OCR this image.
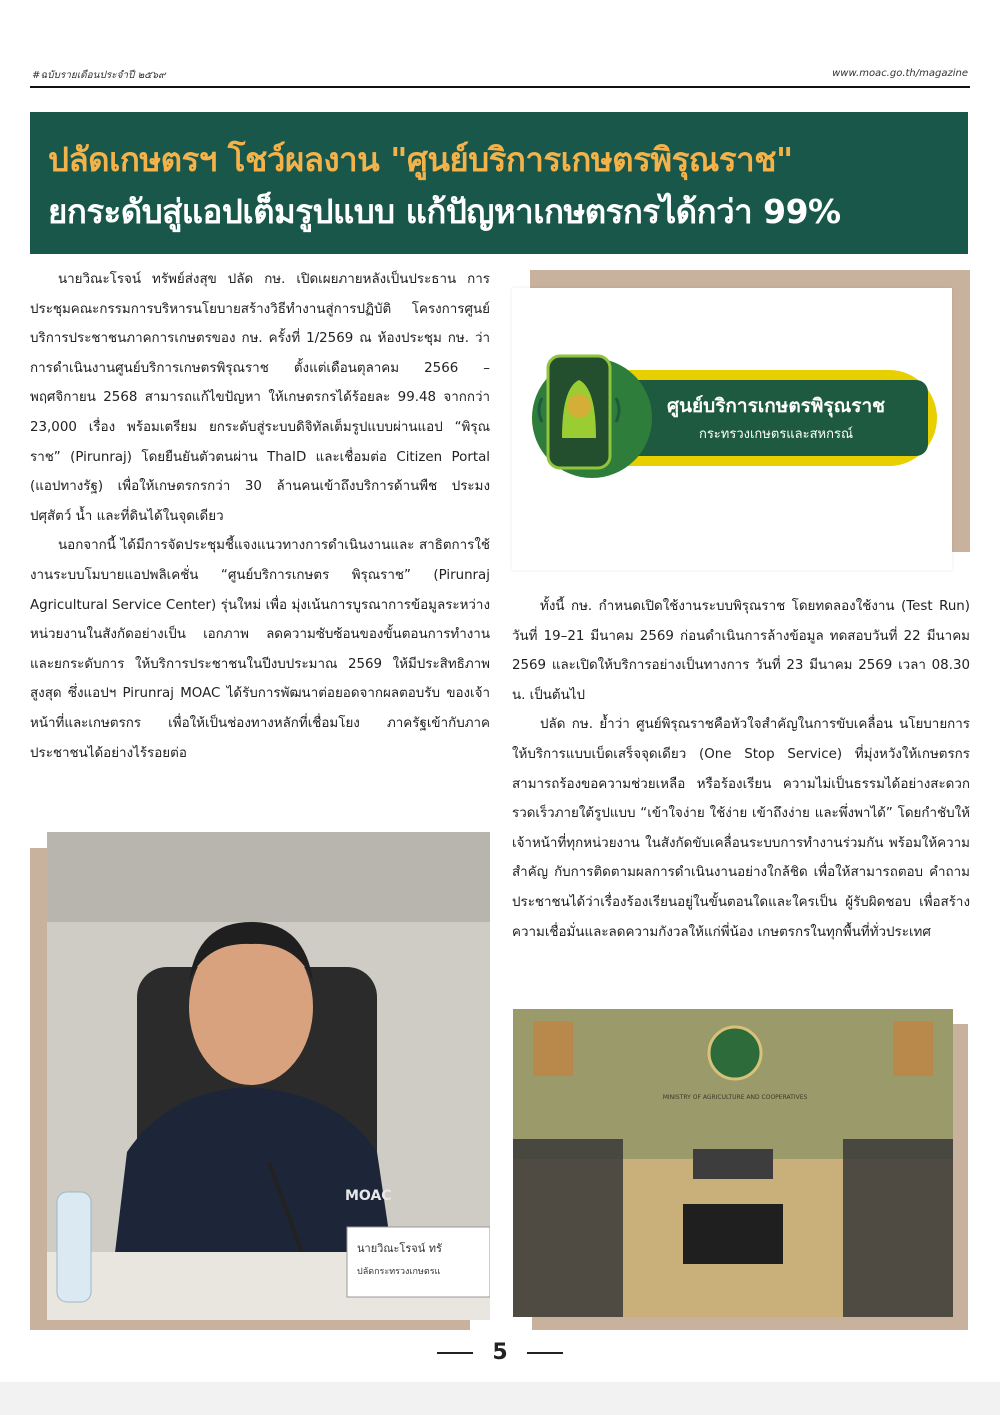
#ฉบับรายเดือนประจำปี ๒๕๖๙	www.moac.go.th/magazine
ปลัดเกษตรฯ โชว์ผลงาน "ศูนย์บริการเกษตรพิรุณราช"
ยกระดับสู่แอปเต็มรูปแบบ แก้ปัญหาเกษตรกรได้กว่า 99%

นายวิณะโรจน์ ทรัพย์ส่งสุข ปลัด กษ. เปิดเผยภายหลังเป็นประธาน การประชุมคณะกรรมการบริหารนโยบายสร้างวิธีทำงานสู่การปฏิบัติ โครงการศูนย์บริการประชาชนภาคการเกษตรของ กษ. ครั้งที่ 1/2569 ณ ห้องประชุม กษ. ว่า การดำเนินงานศูนย์บริการเกษตรพิรุณราช ตั้งแต่เดือนตุลาคม 2566 – พฤศจิกายน 2568 สามารถแก้ไขปัญหา ให้เกษตรกรได้ร้อยละ 99.48 จากกว่า 23,000 เรื่อง พร้อมเตรียม ยกระดับสู่ระบบดิจิทัลเต็มรูปแบบผ่านแอป “พิรุณราช” (Pirunraj) โดยยืนยันตัวตนผ่าน ThaID และเชื่อมต่อ Citizen Portal (แอปทางรัฐ) เพื่อให้เกษตรกรกว่า 30 ล้านคนเข้าถึงบริการด้านพืช ประมง ปศุสัตว์ น้ำ และที่ดินได้ในจุดเดียว

นอกจากนี้ ได้มีการจัดประชุมชี้แจงแนวทางการดำเนินงานและ สาธิตการใช้งานระบบโมบายแอปพลิเคชั่น “ศูนย์บริการเกษตร พิรุณราช” (Pirunraj Agricultural Service Center) รุ่นใหม่ เพื่อ มุ่งเน้นการบูรณาการข้อมูลระหว่างหน่วยงานในสังกัดอย่างเป็น เอกภาพ ลดความซับซ้อนของขั้นตอนการทำงาน และยกระดับการ ให้บริการประชาชนในปีงบประมาณ 2569 ให้มีประสิทธิภาพสูงสุด ซึ่งแอปฯ Pirunraj MOAC ได้รับการพัฒนาต่อยอดจากผลตอบรับ ของเจ้าหน้าที่และเกษตรกร เพื่อให้เป็นช่องทางหลักที่เชื่อมโยง ภาครัฐเข้ากับภาคประชาชนได้อย่างไร้รอยต่อ

ศูนย์บริการเกษตรพิรุณราช
กระทรวงเกษตรและสหกรณ์

ทั้งนี้ กษ. กำหนดเปิดใช้งานระบบพิรุณราช โดยทดลองใช้งาน (Test Run) วันที่ 19–21 มีนาคม 2569 ก่อนดำเนินการล้างข้อมูล ทดสอบวันที่ 22 มีนาคม 2569 และเปิดให้บริการอย่างเป็นทางการ วันที่ 23 มีนาคม 2569 เวลา 08.30 น. เป็นต้นไป

ปลัด กษ. ย้ำว่า ศูนย์พิรุณราชคือหัวใจสำคัญในการขับเคลื่อน นโยบายการให้บริการแบบเบ็ดเสร็จจุดเดียว (One Stop Service) ที่มุ่งหวังให้เกษตรกรสามารถร้องขอความช่วยเหลือ หรือร้องเรียน ความไม่เป็นธรรมได้อย่างสะดวกรวดเร็วภายใต้รูปแบบ “เข้าใจง่าย ใช้ง่าย เข้าถึงง่าย และพึ่งพาได้” โดยกำชับให้เจ้าหน้าที่ทุกหน่วยงาน ในสังกัดขับเคลื่อนระบบการทำงานร่วมกัน พร้อมให้ความสำคัญ กับการติดตามผลการดำเนินงานอย่างใกล้ชิด เพื่อให้สามารถตอบ คำถามประชาชนได้ว่าเรื่องร้องเรียนอยู่ในขั้นตอนใดและใครเป็น ผู้รับผิดชอบ เพื่อสร้างความเชื่อมั่นและลดความกังวลให้แก่พี่น้อง เกษตรกรในทุกพื้นที่ทั่วประเทศ

MOAC
นายวิณะโรจน์ ทรั
ปลัดกระทรวงเกษตรแ
MINISTRY OF AGRICULTURE AND COOPERATIVES
5
